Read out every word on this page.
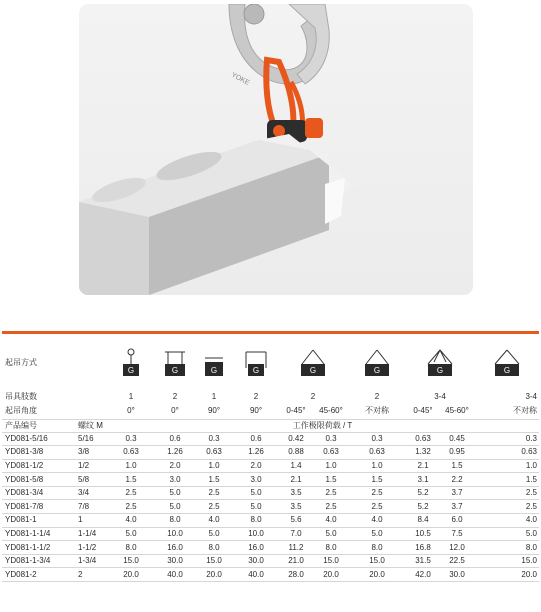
YOKE
起吊方式		G	G	G	G	G		G	G		G

吊具肢数		1	2	1	2	2		2	3-4		3-4
起吊角度		0°	0°	90°	90°	0-45°	45-60°	不对称	0-45°	45-60°	不对称
产品编号	螺纹 M	工作极限荷载 / T									
YD081-5/16	5/16	0.3	0.6	0.3	0.6	0.42	0.3	0.3	0.63	0.45	0.3
YD081-3/8	3/8	0.63	1.26	0.63	1.26	0.88	0.63	0.63	1.32	0.95	0.63
YD081-1/2	1/2	1.0	2.0	1.0	2.0	1.4	1.0	1.0	2.1	1.5	1.0
YD081-5/8	5/8	1.5	3.0	1.5	3.0	2.1	1.5	1.5	3.1	2.2	1.5
YD081-3/4	3/4	2.5	5.0	2.5	5.0	3.5	2.5	2.5	5.2	3.7	2.5
YD081-7/8	7/8	2.5	5.0	2.5	5.0	3.5	2.5	2.5	5.2	3.7	2.5
YD081-1	1	4.0	8.0	4.0	8.0	5.6	4.0	4.0	8.4	6.0	4.0
YD081-1-1/4	1-1/4	5.0	10.0	5.0	10.0	7.0	5.0	5.0	10.5	7.5	5.0
YD081-1-1/2	1-1/2	8.0	16.0	8.0	16.0	11.2	8.0	8.0	16.8	12.0	8.0
YD081-1-3/4	1-3/4	15.0	30.0	15.0	30.0	21.0	15.0	15.0	31.5	22.5	15.0
YD081-2	2	20.0	40.0	20.0	40.0	28.0	20.0	20.0	42.0	30.0	20.0
